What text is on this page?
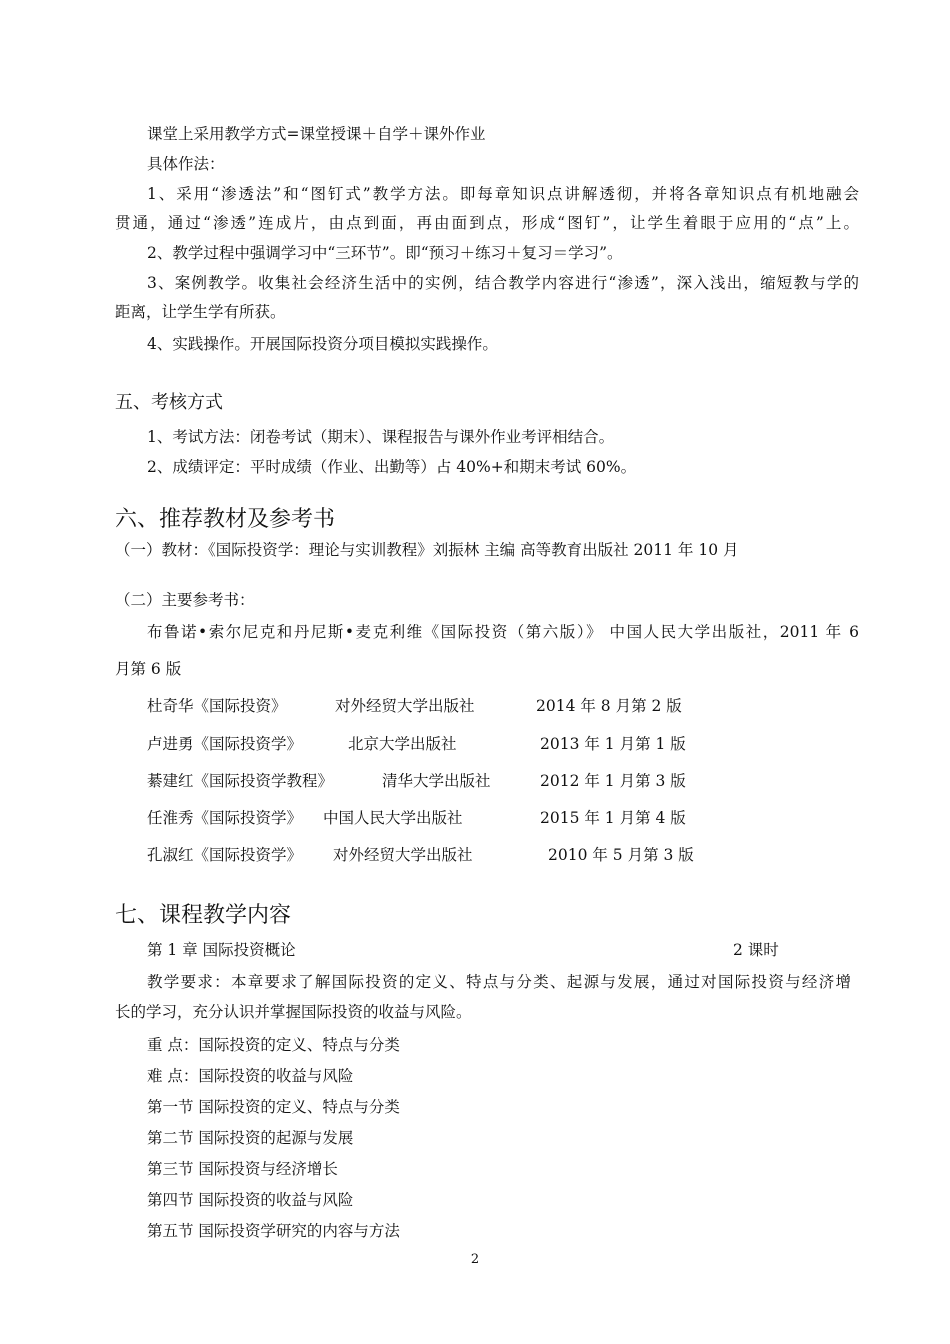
课堂上采用教学方式=课堂授课＋自学＋课外作业
具体作法：
1、采用“渗透法”和“图钉式”教学方法。即每章知识点讲解透彻，并将各章知识点有机地融会
贯通，通过“渗透”连成片，由点到面，再由面到点，形成“图钉”，让学生着眼于应用的“点”上。
2、教学过程中强调学习中“三环节”。即“预习＋练习＋复习＝学习”。
3、案例教学。收集社会经济生活中的实例，结合教学内容进行“渗透”，深入浅出，缩短教与学的
距离，让学生学有所获。
4、实践操作。开展国际投资分项目模拟实践操作。
五、考核方式
1、考试方法：闭卷考试（期末）、课程报告与课外作业考评相结合。
2、成绩评定：平时成绩（作业、出勤等）占 40%+和期末考试 60%。
六、推荐教材及参考书
（一）教材：《国际投资学：理论与实训教程》刘振林 主编 高等教育出版社 2011 年 10 月
（二）主要参考书：
布鲁诺•索尔尼克和丹尼斯•麦克利维《国际投资（第六版）》 中国人民大学出版社，2011 年 6
月第 6 版
杜奇华《国际投资》	对外经贸大学出版社	2014 年 8 月第 2 版
卢进勇《国际投资学》	北京大学出版社	2013 年 1 月第 1 版
綦建红《国际投资学教程》	清华大学出版社	2012 年 1 月第 3 版
任淮秀《国际投资学》 中国人民大学出版社	2015 年 1 月第 4 版
孔淑红《国际投资学》 对外经贸大学出版社	2010 年 5 月第 3 版
七、课程教学内容
第 1 章 国际投资概论	2 课时
教学要求：本章要求了解国际投资的定义、特点与分类、起源与发展，通过对国际投资与经济增
长的学习，充分认识并掌握国际投资的收益与风险。
重 点：国际投资的定义、特点与分类
难 点：国际投资的收益与风险
第一节 国际投资的定义、特点与分类
第二节 国际投资的起源与发展
第三节 国际投资与经济增长
第四节 国际投资的收益与风险
第五节 国际投资学研究的内容与方法
2
